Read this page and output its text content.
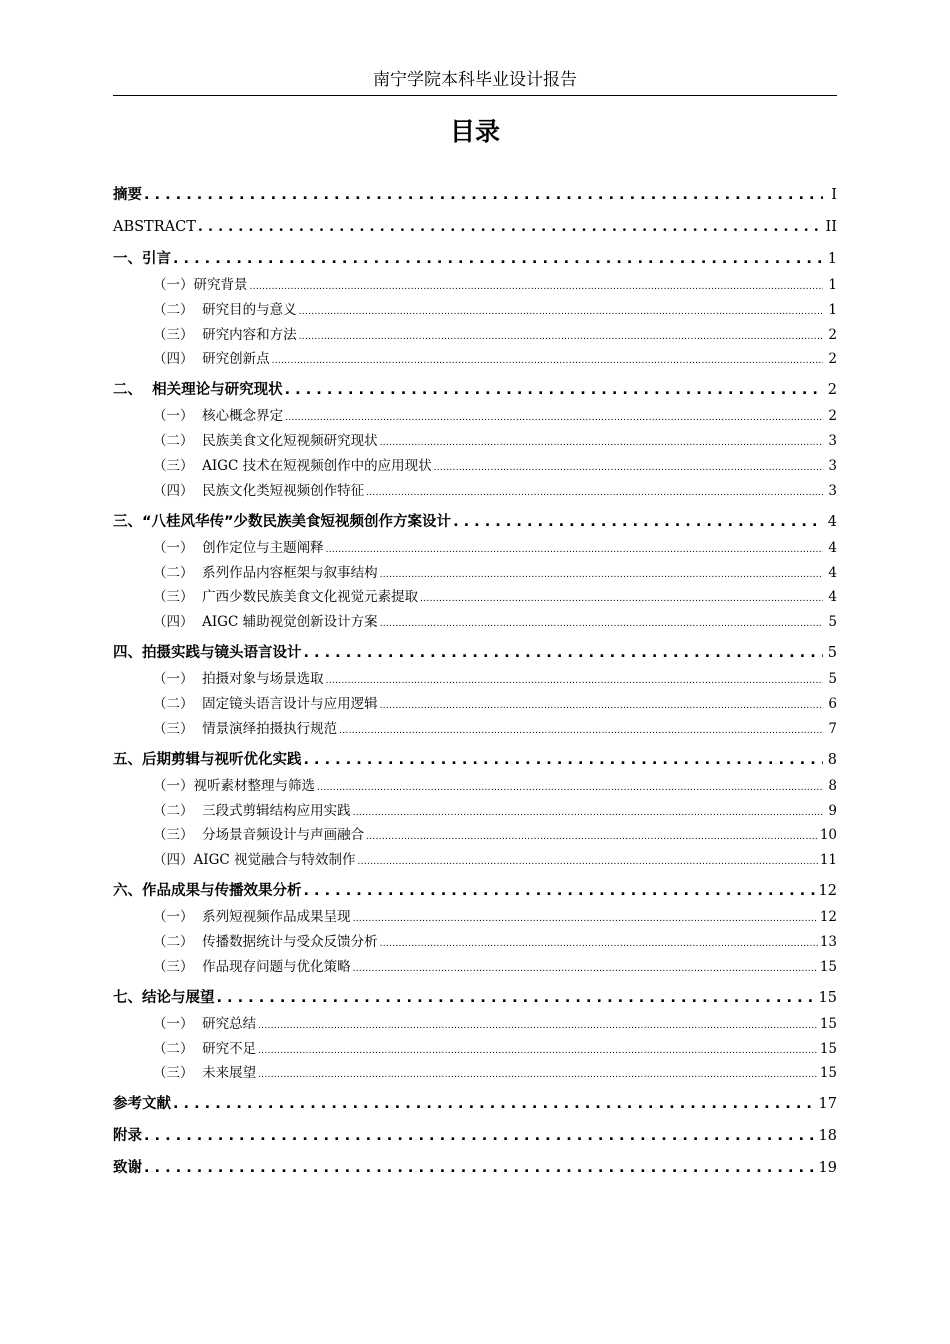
南宁学院本科毕业设计报告
目录
摘要 . . .	I
ABSTRACT . . .	II
一、引言 . . .	1
（一）研究背景 .....	1
（二）  研究目的与意义 .....	1
（三）  研究内容和方法 .....	2
（四）  研究创新点 .....	2
二、  相关理论与研究现状 . . .	2
（一）  核心概念界定 .....	2
（二）  民族美食文化短视频研究现状 .....	3
（三）  AIGC 技术在短视频创作中的应用现状 .....	3
（四）  民族文化类短视频创作特征 .....	3
三、“八桂风华传”少数民族美食短视频创作方案设计 . . .	4
（一）  创作定位与主题阐释 .....	4
（二）  系列作品内容框架与叙事结构 .....	4
（三）  广西少数民族美食文化视觉元素提取 .....	4
（四）  AIGC 辅助视觉创新设计方案 .....	5
四、拍摄实践与镜头语言设计 . . .	5
（一）  拍摄对象与场景选取 .....	5
（二）  固定镜头语言设计与应用逻辑 .....	6
（三）  情景演绎拍摄执行规范 .....	7
五、后期剪辑与视听优化实践 . . .	8
（一）视听素材整理与筛选 .....	8
（二）  三段式剪辑结构应用实践 .....	9
（三）  分场景音频设计与声画融合 .....	10
（四）AIGC 视觉融合与特效制作 .....	11
六、作品成果与传播效果分析 . . .	12
（一）  系列短视频作品成果呈现 .....	12
（二）  传播数据统计与受众反馈分析 .....	13
（三）  作品现存问题与优化策略 .....	15
七、结论与展望 . . .	15
（一）  研究总结 .....	15
（二）  研究不足 .....	15
（三）  未来展望 .....	15
参考文献 . . .	17
附录 . . .	18
致谢 . . .	19
